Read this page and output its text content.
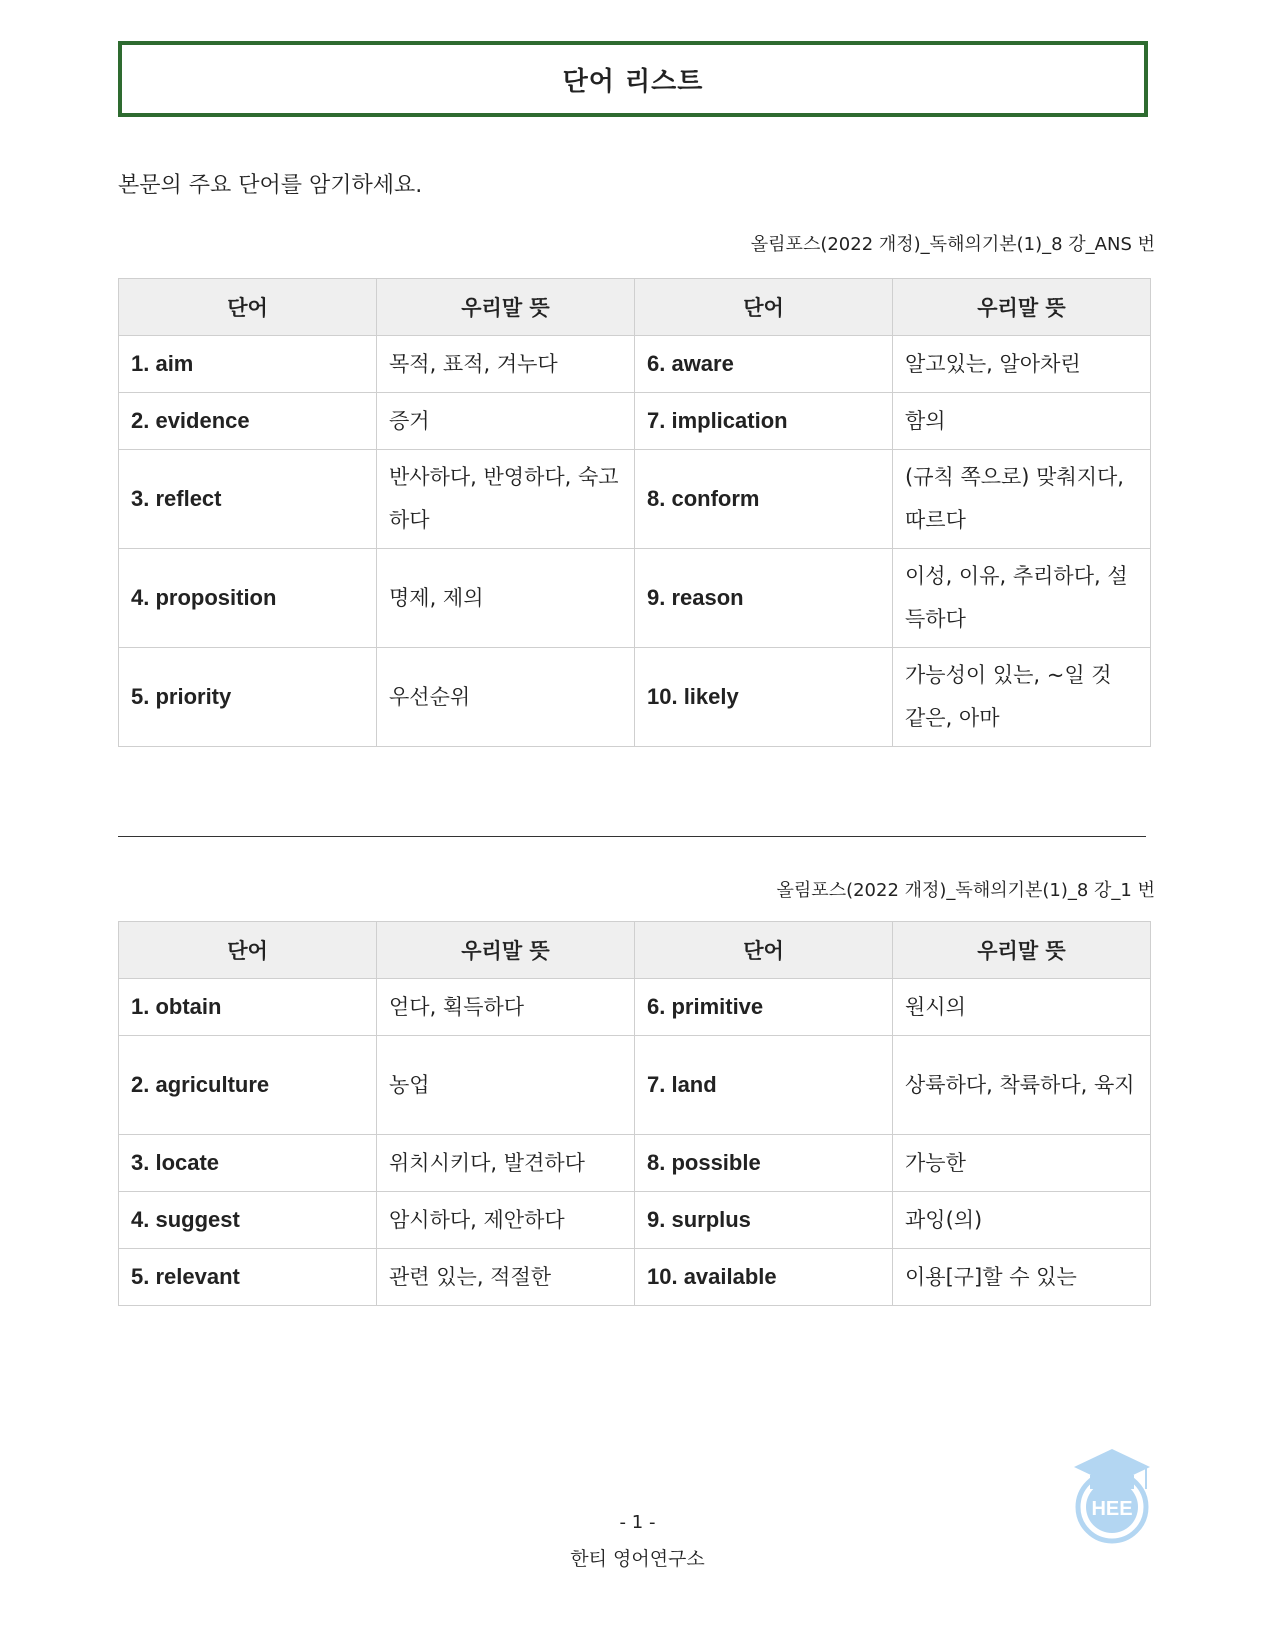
단어 리스트
본문의 주요 단어를 암기하세요.
올림포스(2022 개정)_독해의기본(1)_8 강_ANS 번
단어	우리말 뜻	단어	우리말 뜻
1. aim	목적, 표적, 겨누다	6. aware	알고있는, 알아차린
2. evidence	증거	7. implication	함의
3. reflect	반사하다, 반영하다, 숙고하다	8. conform	(규칙 쪽으로) 맞춰지다, 따르다
4. proposition	명제, 제의	9. reason	이성, 이유, 추리하다, 설득하다
5. priority	우선순위	10. likely	가능성이 있는, ~일 것 같은, 아마
올림포스(2022 개정)_독해의기본(1)_8 강_1 번
단어	우리말 뜻	단어	우리말 뜻
1. obtain	얻다, 획득하다	6. primitive	원시의
2. agriculture	농업	7. land	상륙하다, 착륙하다, 육지
3. locate	위치시키다, 발견하다	8. possible	가능한
4. suggest	암시하다, 제안하다	9. surplus	과잉(의)
5. relevant	관련 있는, 적절한	10. available	이용[구]할 수 있는
- 1 -
한티 영어연구소
HEE
